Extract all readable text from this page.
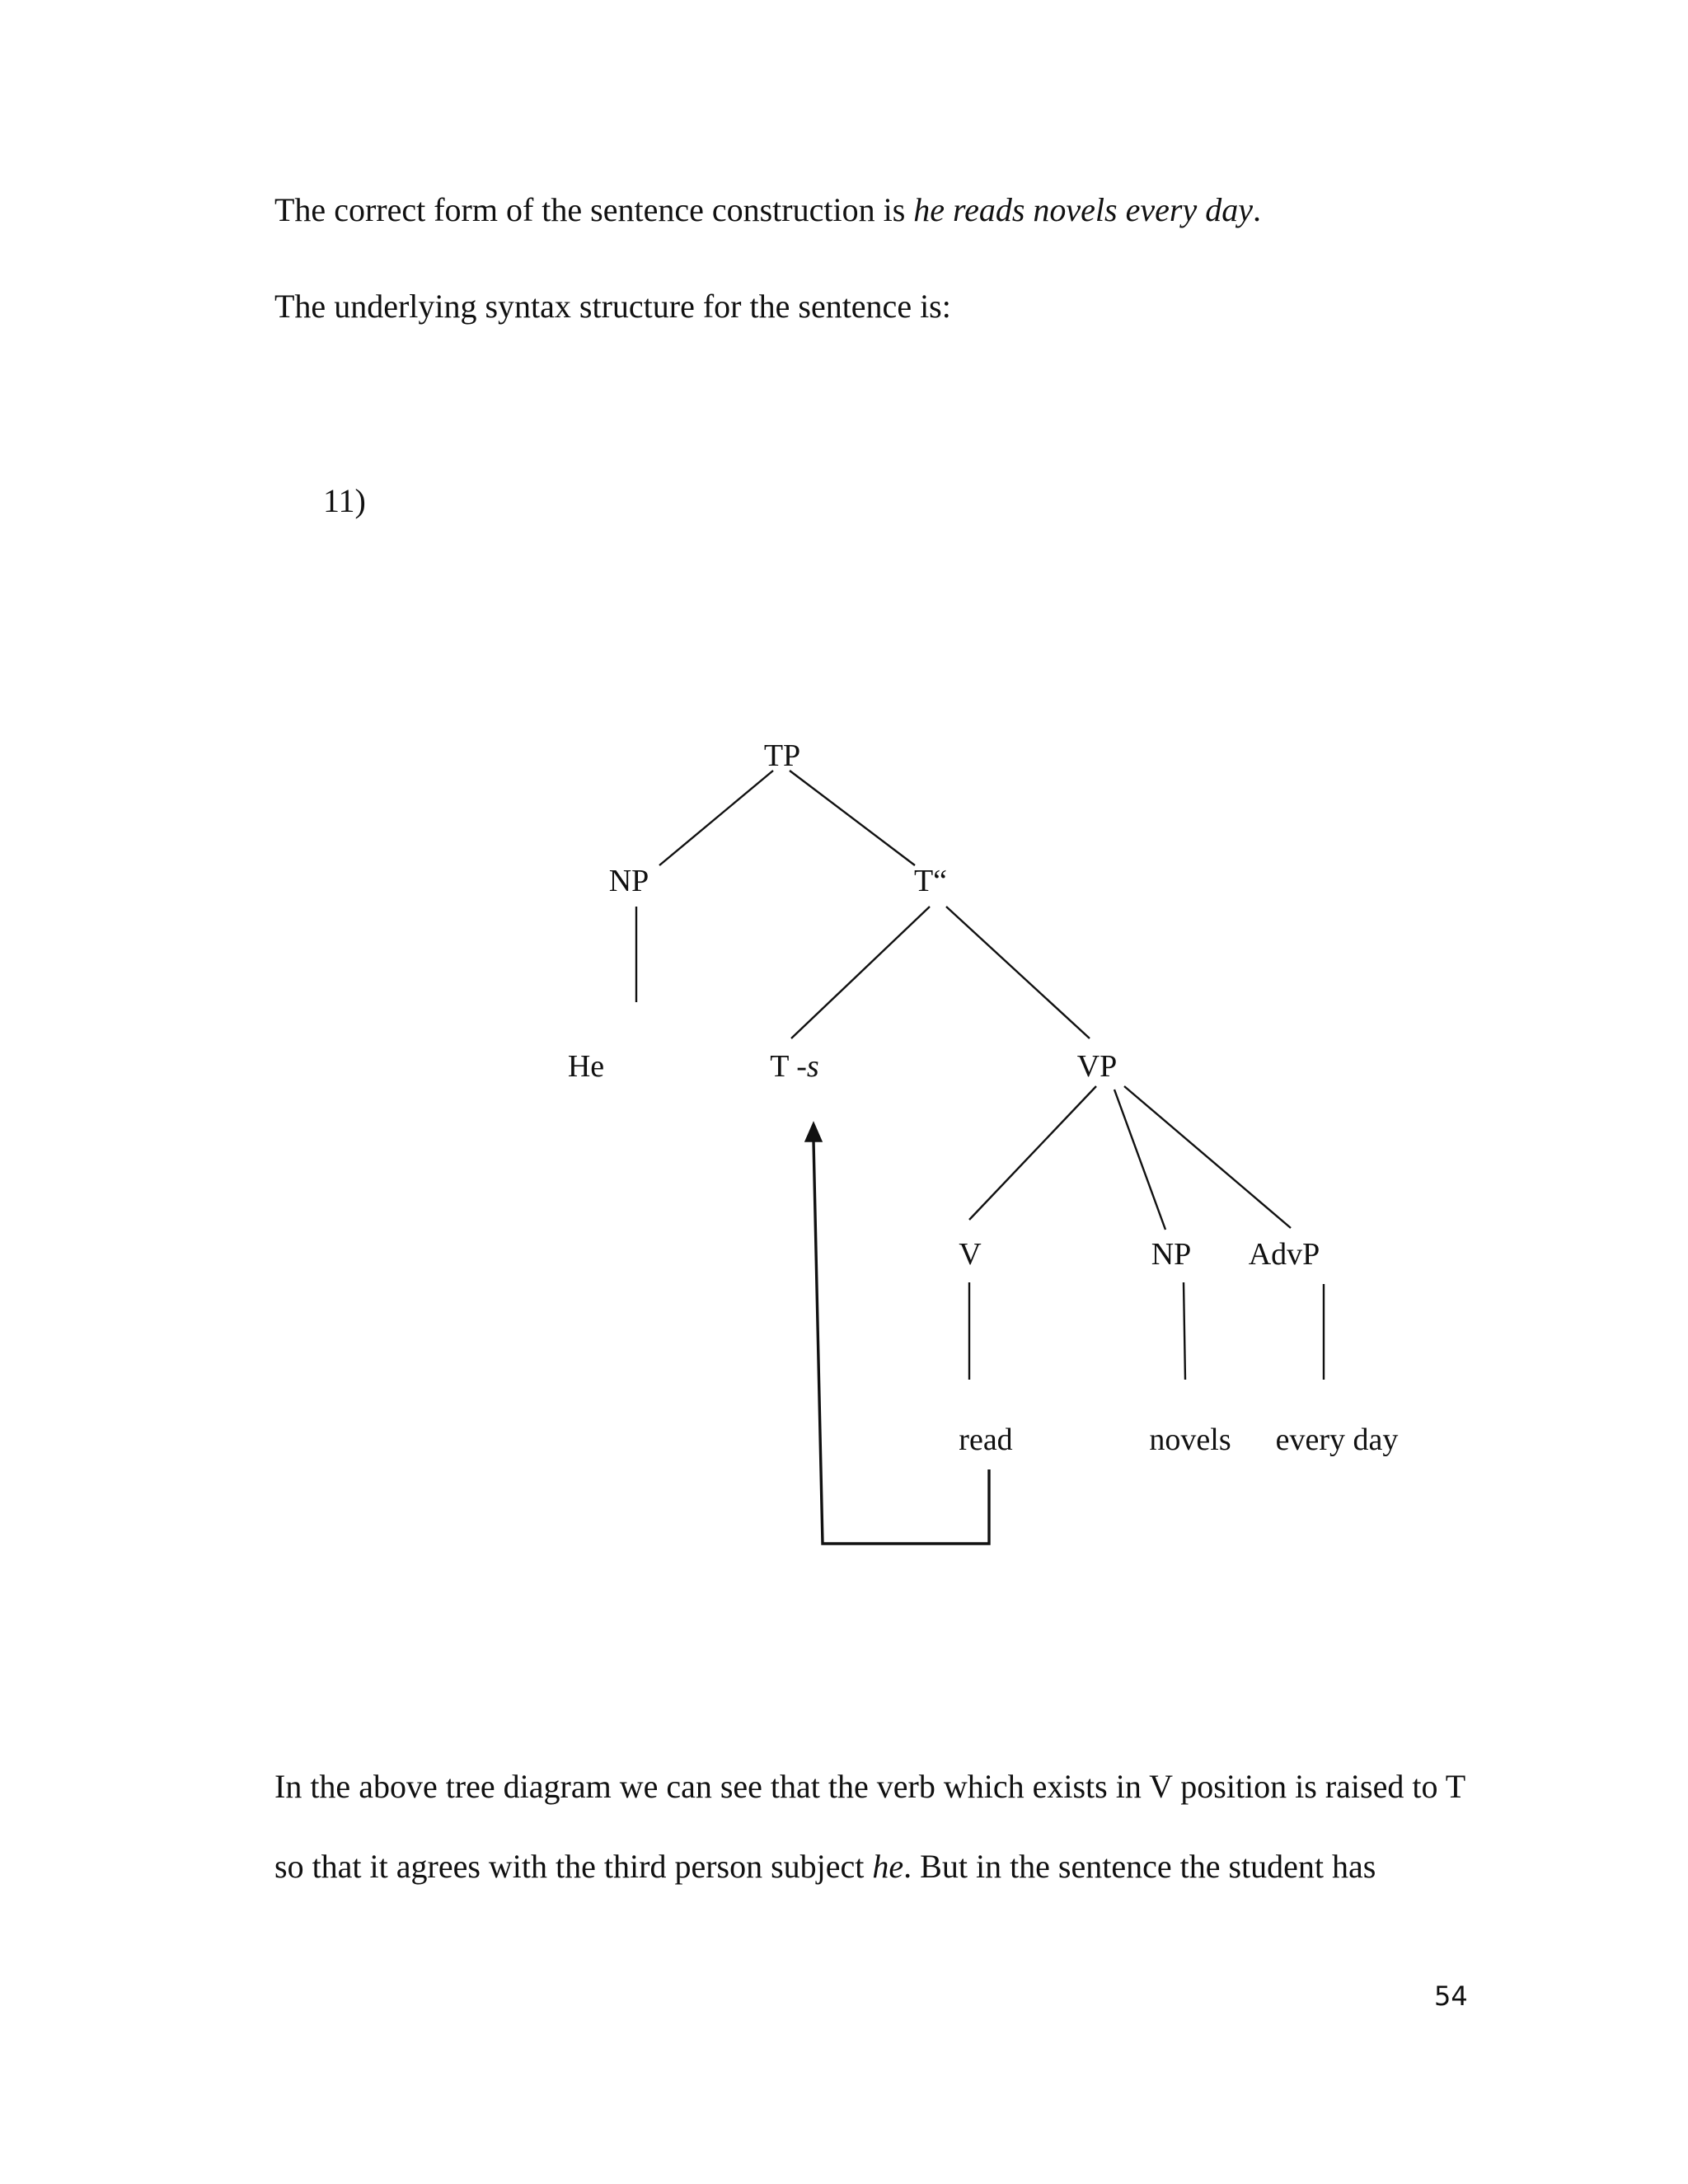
The correct form of the sentence construction is he reads novels every day.
The underlying syntax structure for the sentence is:
11)
TP
NP	T“
He	T -s	VP
V	NP AdvP
read	novels every day
In the above tree diagram we can see that the verb which exists in V position is raised to T
so that it agrees with the third person subject he. But in the sentence the student has
54
